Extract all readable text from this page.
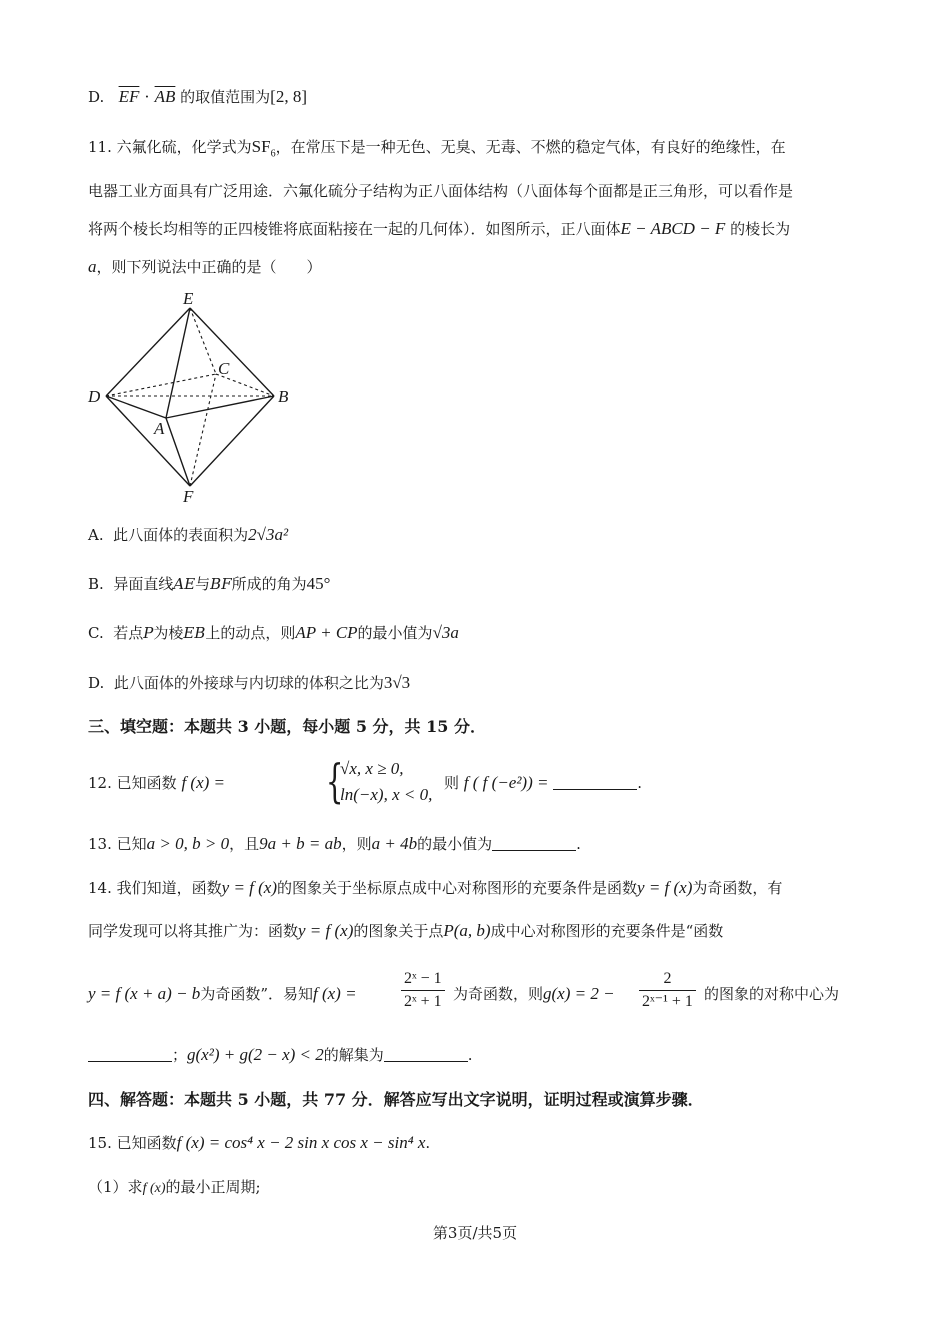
D. $\overline{EF} \cdot \overline{AB}$ 的取值范围为[2, 8]
11. 六氟化硫，化学式为$SF_6$，在常压下是一种无色、无臭、无毒、不燃的稳定气体，有良好的绝缘性，在
电器工业方面具有广泛用途．六氟化硫分子结构为正八面体结构（八面体每个面都是正三角形，可以看作是
将两个棱长均相等的正四棱锥将底面粘接在一起的几何体）．如图所示，正八面体E − ABCD − F 的棱长为
a，则下列说法中正确的是（　　）
E
C
D	B
A
F
A. 此八面体的表面积为2√3a²
B. 异面直线AE与BF所成的角为45°
C. 若点P为棱EB上的动点，则AP + CP的最小值为√3a
D. 此八面体的外接球与内切球的体积之比为3√3
三、填空题：本题共 3 小题，每小题 5 分，共 15 分．
12. 已知函数 f (x) = {
√x, x ≥ 0,
ln(−x), x < 0,
则 f ( f (−e²)) =	.
13. 已知a > 0, b > 0，且9a + b = ab，则a + 4b的最小值为	.
14. 我们知道，函数y = f (x)的图象关于坐标原点成中心对称图形的充要条件是函数y = f (x)为奇函数，有
同学发现可以将其推广为：函数y = f (x)的图象关于点P(a, b)成中心对称图形的充要条件是“函数
y = f (x + a) − b为奇函数”．易知f (x) =	$\frac{\text{2ˣ − 1}}{\text{2ˣ + 1}}$ 为奇函数，则$g(x) = 2 - \frac{2}{\text{2ˣ⁻¹ + 1}}$ 的图象的对称中心为
；g(x²) + g(2 − x) < 2的解集为	.
四、解答题：本题共 5 小题，共 77 分．解答应写出文字说明，证明过程或演算步骤．
15. 已知函数f (x) = cos⁴ x − 2 sin x cos x − sin⁴ x.
（1）求f (x)的最小正周期;
第3页/共5页
